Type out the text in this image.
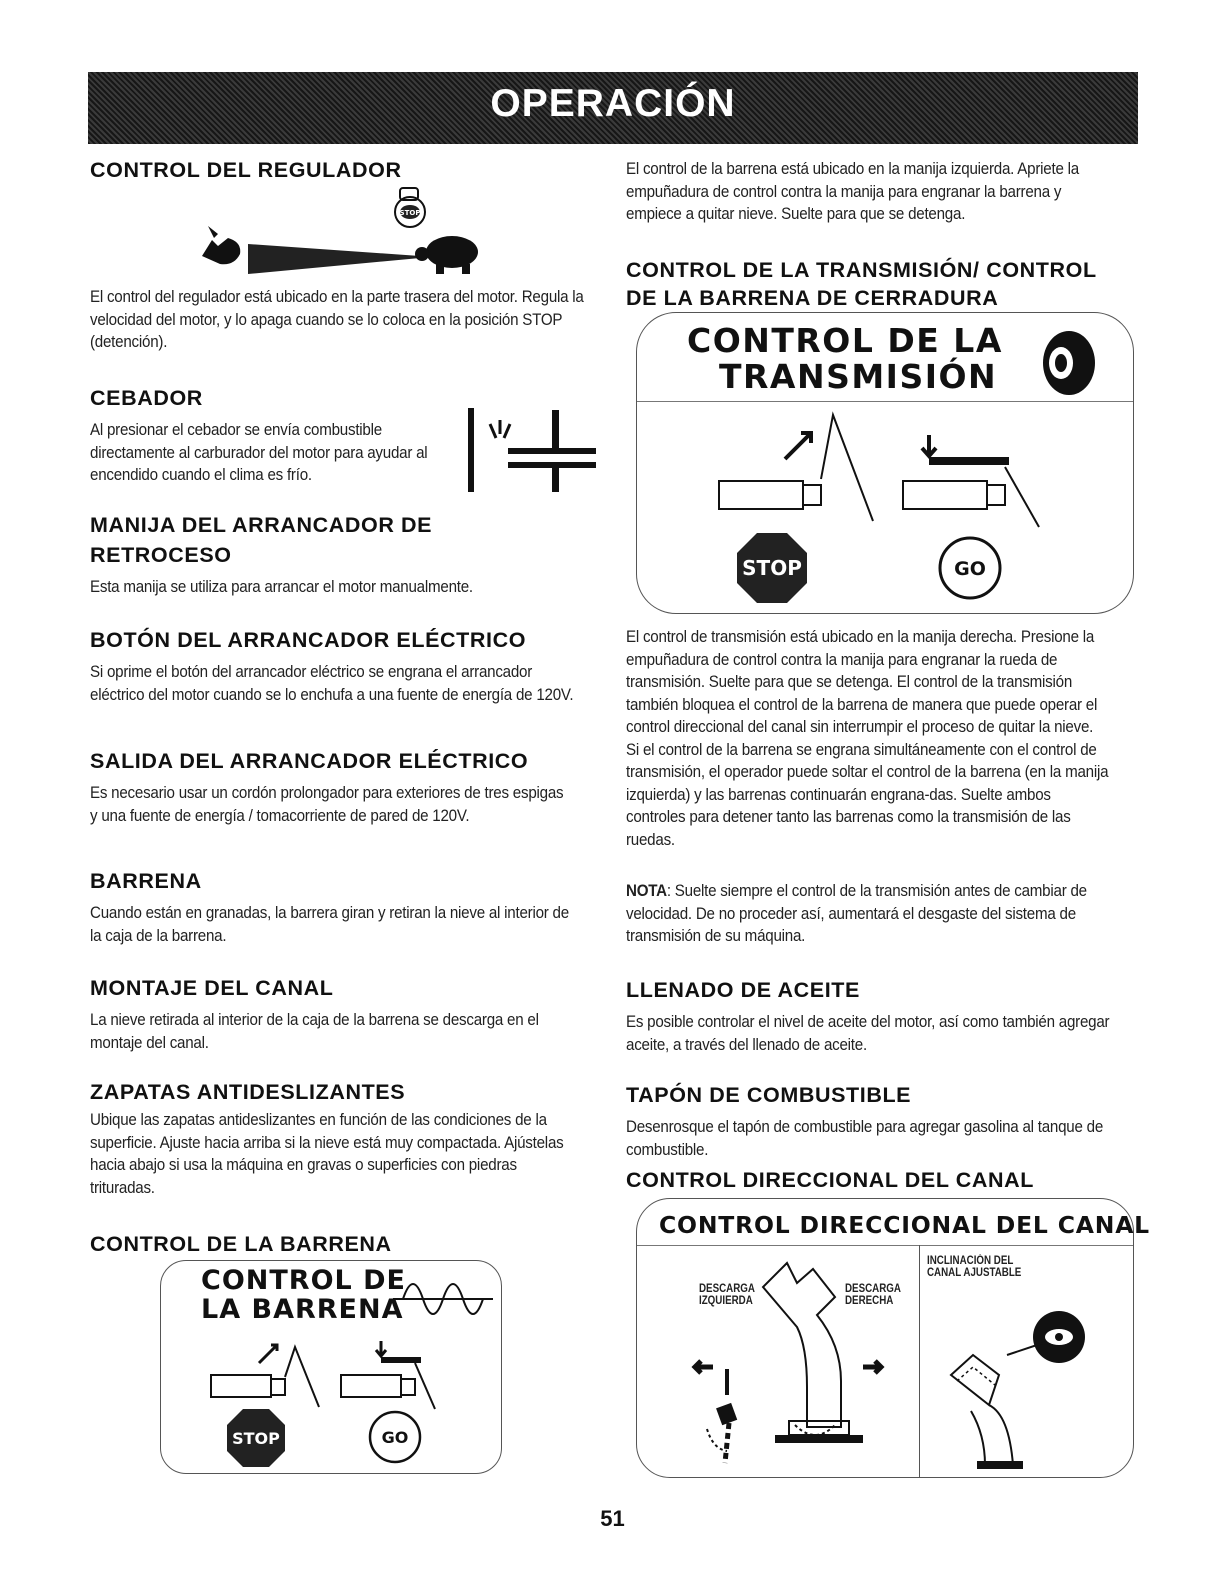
OPERACIÓN
CONTROL DEL REGULADOR
STOP

El control del regulador está ubicado en la parte trasera del motor. Regula la velocidad del motor, y lo apaga cuando se lo coloca en la posición STOP (detención).

CEBADOR

Al presionar el cebador se envía combustible directamente al carburador del motor para ayudar al encendido cuando el clima es frío.

MANIJA DEL ARRANCADOR DE
RETROCESO

Esta manija se utiliza para arrancar el motor manualmente.

BOTÓN DEL ARRANCADOR ELÉCTRICO

Si oprime el botón del arrancador eléctrico se engrana el arrancador eléctrico del motor cuando se lo enchufa a una fuente de energía de 120V.

SALIDA DEL ARRANCADOR ELÉCTRICO

Es necesario usar un cordón prolongador para exteriores de tres espigas y una fuente de energía / tomacorriente de pared de 120V.

BARRENA

Cuando están en granadas, la barrera giran y retiran la nieve al interior de la caja de la barrena.

MONTAJE DEL CANAL

La nieve retirada al interior de la caja de la barrena se descarga en el montaje del canal.

ZAPATAS ANTIDESLIZANTES

Ubique las zapatas antideslizantes en función de las condiciones de la superficie. Ajuste hacia arriba si la nieve está muy compactada. Ajústelas hacia abajo si usa la máquina en gravas o superficies con piedras trituradas.

CONTROL DE LA BARRENA
CONTROL DE
LA BARRENA
STOP	GO

El control de la barrena está ubicado en la manija izquierda. Apriete la empuñadura de control contra la manija para engranar la barrena y empiece a quitar nieve. Suelte para que se detenga.

CONTROL DE LA TRANSMISIÓN/ CONTROL
DE LA BARRENA DE CERRADURA
CONTROL DE LA
TRANSMISIÓN
STOP	GO

El control de transmisión está ubicado en la manija derecha. Presione la empuñadura de control contra la manija para engranar la rueda de transmisión. Suelte para que se detenga. El control de la transmisión también bloquea el control de la barrena de manera que puede operar el control direccional del canal sin interrumpir el proceso de quitar la nieve. Si el control de la barrena se engrana simultáneamente con el control de transmisión, el operador puede soltar el control de la barrena (en la manija izquierda) y las barrenas continuarán engrana-das. Suelte ambos controles para detener tanto las barrenas como la transmisión de las ruedas.

NOTA: Suelte siempre el control de la transmisión antes de cambiar de velocidad. De no proceder así, aumentará el desgaste del sistema de transmisión de su máquina.

LLENADO DE ACEITE

Es posible controlar el nivel de aceite del motor, así como también agregar aceite, a través del llenado de aceite.

TAPÓN DE COMBUSTIBLE

Desenrosque el tapón de combustible para agregar gasolina al tanque de combustible.

CONTROL DIRECCIONAL DEL CANAL
CONTROL DIRECCIONAL DEL CANAL
DESCARGA
IZQUIERDA
DESCARGA
DERECHA
INCLINACIÓN DEL
CANAL AJUSTABLE
51
